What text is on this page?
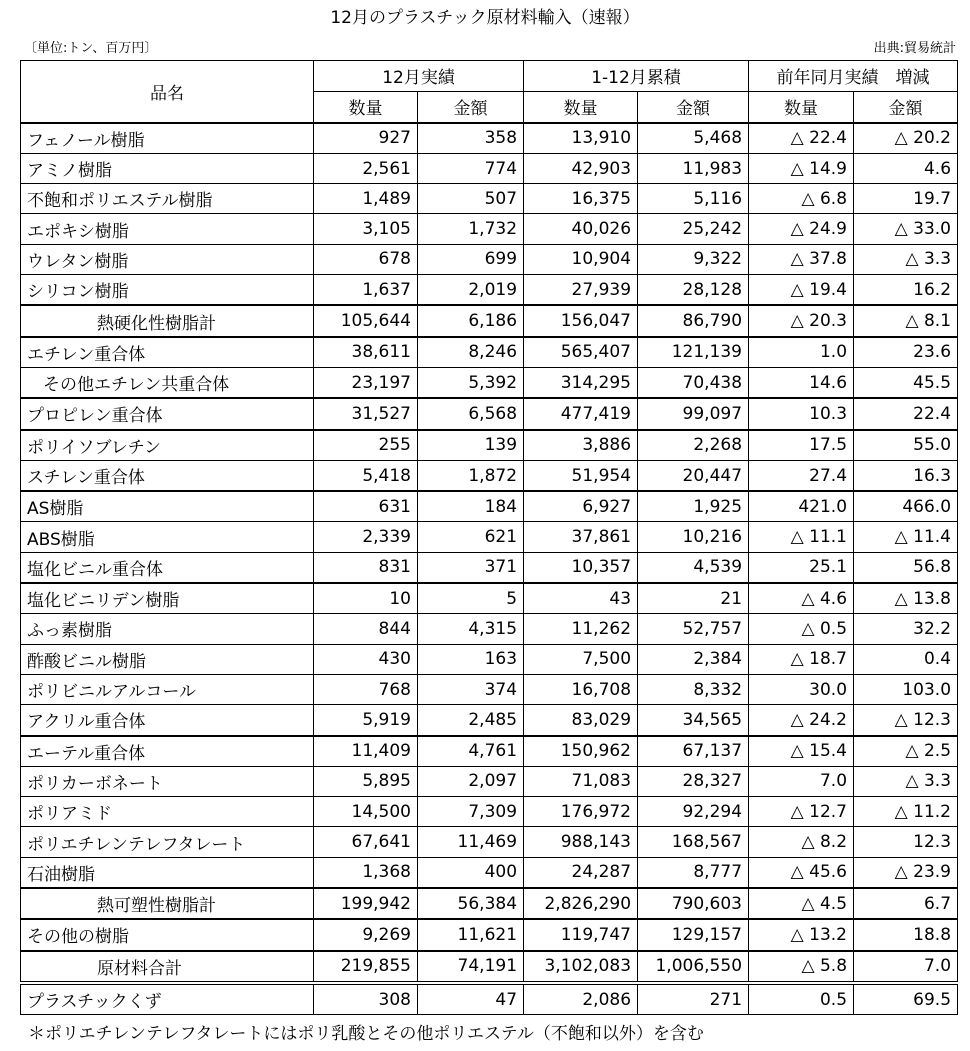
12月のプラスチック原材料輸入（速報）
〔単位:トン、百万円〕	出典:貿易統計
品名	12月実績		1-12月累積		前年同月実績　増減	
	数量	金額	数量	金額	数量	金額
フェノール樹脂	927	358	13,910	5,468	△ 22.4	△ 20.2
アミノ樹脂	2,561	774	42,903	11,983	△ 14.9	4.6
不飽和ポリエステル樹脂	1,489	507	16,375	5,116	△ 6.8	19.7
エポキシ樹脂	3,105	1,732	40,026	25,242	△ 24.9	△ 33.0
ウレタン樹脂	678	699	10,904	9,322	△ 37.8	△ 3.3
シリコン樹脂	1,637	2,019	27,939	28,128	△ 19.4	16.2
熱硬化性樹脂計	105,644	6,186	156,047	86,790	△ 20.3	△ 8.1
エチレン重合体	38,611	8,246	565,407	121,139	1.0	23.6
その他エチレン共重合体	23,197	5,392	314,295	70,438	14.6	45.5
プロピレン重合体	31,527	6,568	477,419	99,097	10.3	22.4
ポリイソブレチン	255	139	3,886	2,268	17.5	55.0
スチレン重合体	5,418	1,872	51,954	20,447	27.4	16.3
AS樹脂	631	184	6,927	1,925	421.0	466.0
ABS樹脂	2,339	621	37,861	10,216	△ 11.1	△ 11.4
塩化ビニル重合体	831	371	10,357	4,539	25.1	56.8
塩化ビニリデン樹脂	10	5	43	21	△ 4.6	△ 13.8
ふっ素樹脂	844	4,315	11,262	52,757	△ 0.5	32.2
酢酸ビニル樹脂	430	163	7,500	2,384	△ 18.7	0.4
ポリビニルアルコール	768	374	16,708	8,332	30.0	103.0
アクリル重合体	5,919	2,485	83,029	34,565	△ 24.2	△ 12.3
エーテル重合体	11,409	4,761	150,962	67,137	△ 15.4	△ 2.5
ポリカーボネート	5,895	2,097	71,083	28,327	7.0	△ 3.3
ポリアミド	14,500	7,309	176,972	92,294	△ 12.7	△ 11.2
ポリエチレンテレフタレート	67,641	11,469	988,143	168,567	△ 8.2	12.3
石油樹脂	1,368	400	24,287	8,777	△ 45.6	△ 23.9
熱可塑性樹脂計	199,942	56,384	2,826,290	790,603	△ 4.5	6.7
その他の樹脂	9,269	11,621	119,747	129,157	△ 13.2	18.8
原材料合計	219,855	74,191	3,102,083	1,006,550	△ 5.8	7.0
プラスチックくず	308	47	2,086	271	0.5	69.5
＊ポリエチレンテレフタレートにはポリ乳酸とその他ポリエステル（不飽和以外）を含む
